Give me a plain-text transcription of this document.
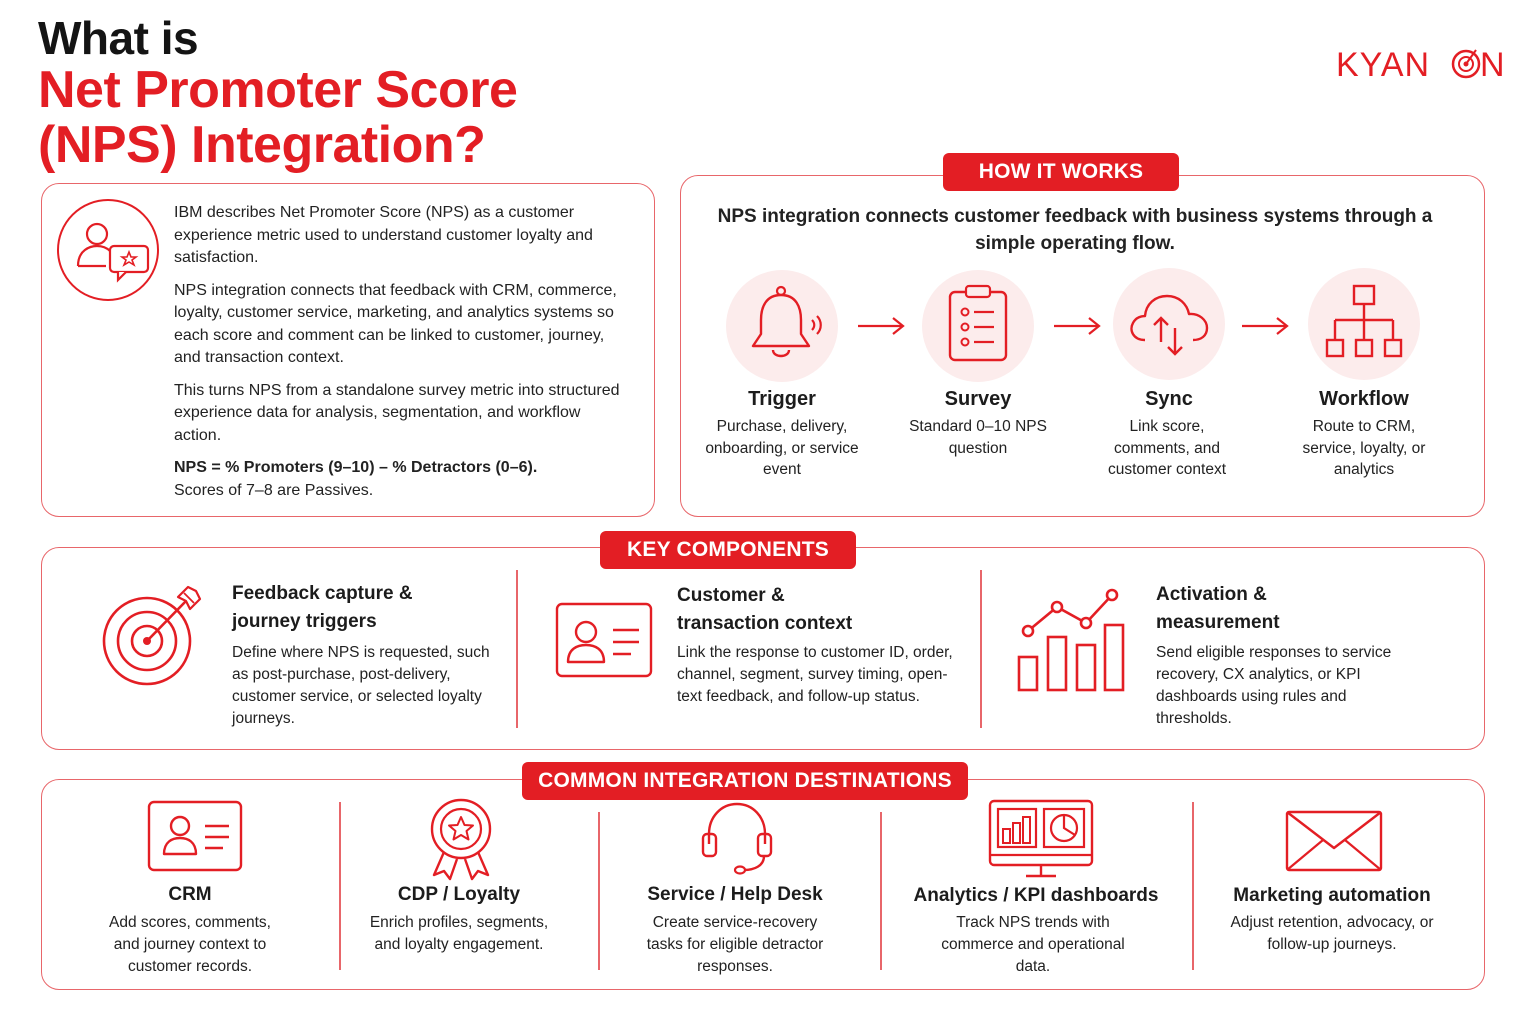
What is
Net Promoter Score
(NPS) Integration?
KYAN N

IBM describes Net Promoter Score (NPS) as a customer experience metric used to understand customer loyalty and satisfaction.

NPS integration connects that feedback with CRM, commerce, loyalty, customer service, marketing, and analytics systems so each score and comment can be linked to customer, journey, and transaction context.

This turns NPS from a standalone survey metric into structured experience data for analysis, segmentation, and workflow action.

NPS = % Promoters (9–10) – % Detractors (0–6).
Scores of 7–8 are Passives.

HOW IT WORKS
NPS integration connects customer feedback with business systems through a simple operating flow.
Trigger
Purchase, delivery, onboarding, or service event
Survey
Standard 0–10 NPS question
Sync
Link score, comments, and customer context
Workflow
Route to CRM, service, loyalty, or analytics
KEY COMPONENTS
Feedback capture & journey triggers
Define where NPS is requested, such as post-purchase, post-delivery, customer service, or selected loyalty journeys.
Customer & transaction context
Link the response to customer ID, order, channel, segment, survey timing, open-text feedback, and follow-up status.
Activation & measurement
Send eligible responses to service recovery, CX analytics, or KPI dashboards using rules and thresholds.
COMMON INTEGRATION DESTINATIONS
CRM
Add scores, comments, and journey context to customer records.
CDP / Loyalty
Enrich profiles, segments, and loyalty engagement.
Service / Help Desk
Create service-recovery tasks for eligible detractor responses.
Analytics / KPI dashboards
Track NPS trends with commerce and operational data.
Marketing automation
Adjust retention, advocacy, or follow-up journeys.
